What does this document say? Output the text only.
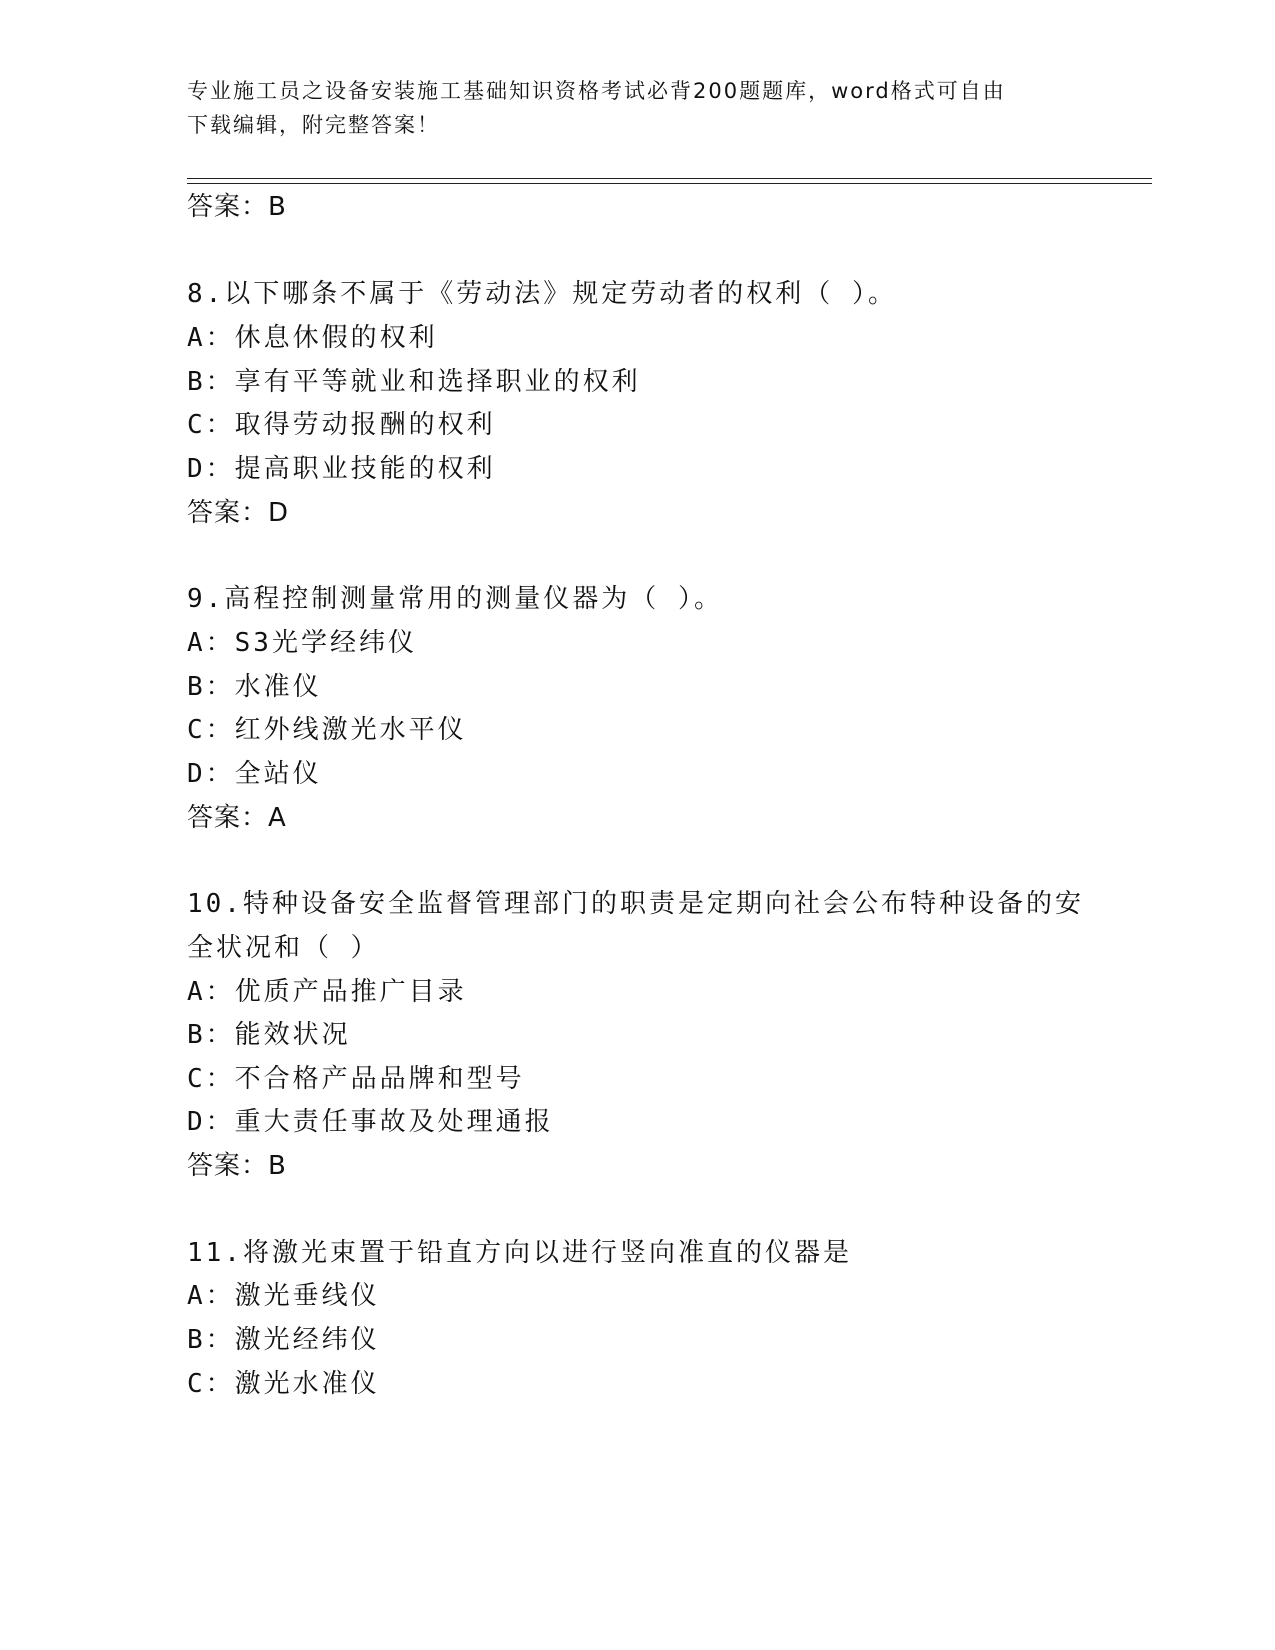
专业施工员之设备安装施工基础知识资格考试必背200题题库，word格式可自由
下载编辑，附完整答案！
答案：B
8.以下哪条不属于《劳动法》规定劳动者的权利（ ）。
A：休息休假的权利
B：享有平等就业和选择职业的权利
C：取得劳动报酬的权利
D：提高职业技能的权利
答案：D
9.高程控制测量常用的测量仪器为（ ）。
A：S3光学经纬仪
B：水准仪
C：红外线激光水平仪
D：全站仪
答案：A
10.特种设备安全监督管理部门的职责是定期向社会公布特种设备的安
全状况和（ ）
A：优质产品推广目录
B：能效状况
C：不合格产品品牌和型号
D：重大责任事故及处理通报
答案：B
11.将激光束置于铅直方向以进行竖向准直的仪器是
A：激光垂线仪
B：激光经纬仪
C：激光水准仪
